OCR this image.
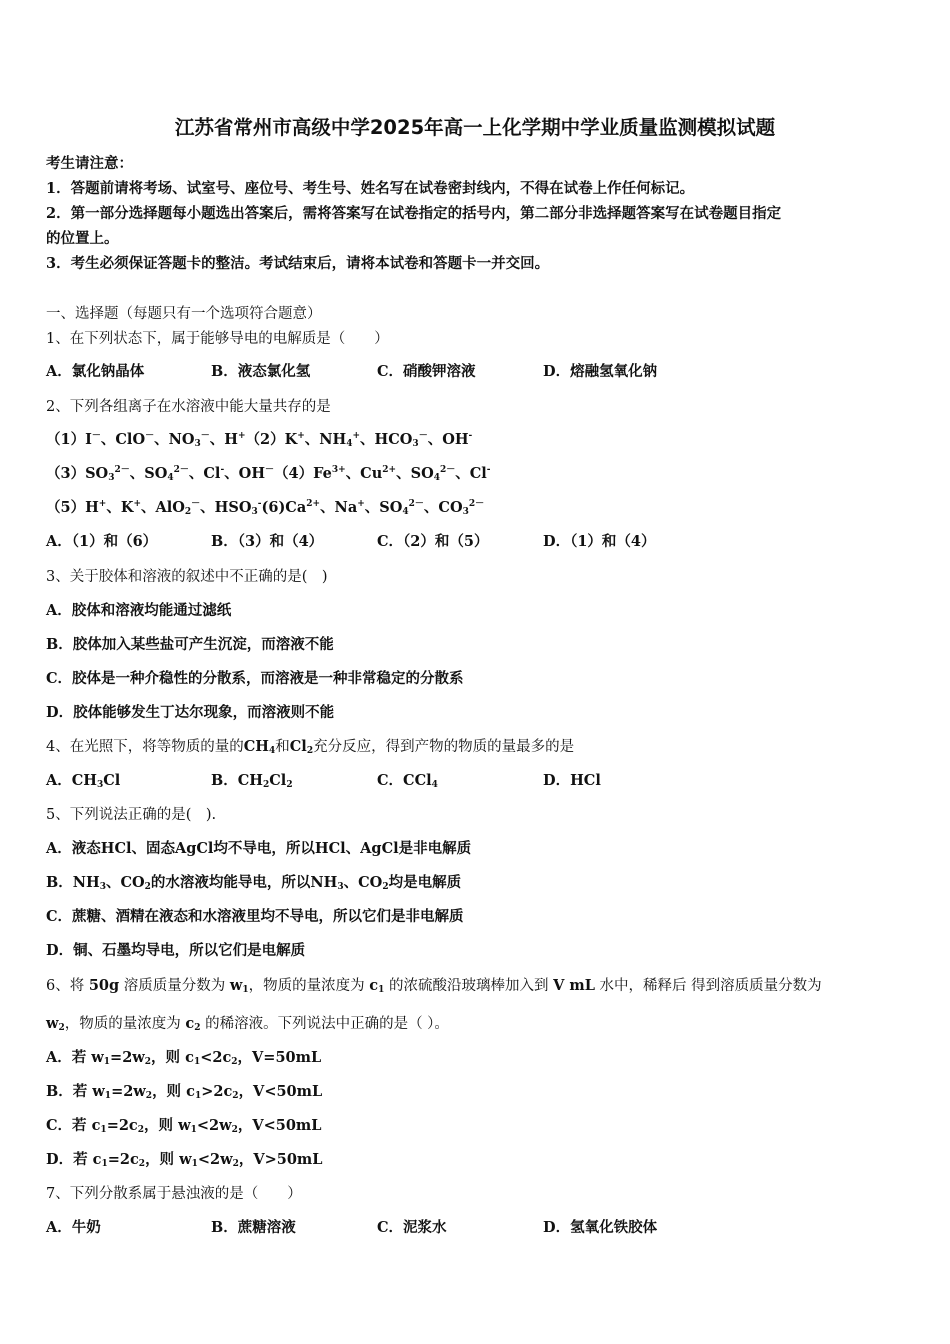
江苏省常州市高级中学2025年高一上化学期中学业质量监测模拟试题
考生请注意：
1．答题前请将考场、试室号、座位号、考生号、姓名写在试卷密封线内，不得在试卷上作任何标记。
2．第一部分选择题每小题选出答案后，需将答案写在试卷指定的括号内，第二部分非选择题答案写在试卷题目指定
的位置上。
3．考生必须保证答题卡的整洁。考试结束后，请将本试卷和答题卡一并交回。
一、选择题（每题只有一个选项符合题意）
1、在下列状态下，属于能够导电的电解质是（　　）
A．氯化钠晶体	B．液态氯化氢	C．硝酸钾溶液	D．熔融氢氧化钠
2、下列各组离子在水溶液中能大量共存的是
（1）I－、ClO－、$NO_3^-$、H+（2）K+、$NH_4^+$、$HCO_3^-$、OH-
$(3)SO_3^{2-}$、$SO_4^{2-}$、Cl-、$OH^-(4)Fe^{3+}$、$Cu^{2+}$、$SO_4^{2-}$、Cl-
（5）H+、K+、AlO$_2$－、$HSO_3^-(6)Ca^{2+}$、Na+、$SO_4^{2-}$、$CO_3^{2-}$
A．（1）和（6）	B．（3）和（4）	C．（2）和（5）	D．（1）和（4）
3、关于胶体和溶液的叙述中不正确的是(　)
A．胶体和溶液均能通过滤纸
B．胶体加入某些盐可产生沉淀，而溶液不能
C．胶体是一种介稳性的分散系，而溶液是一种非常稳定的分散系
D．胶体能够发生丁达尔现象，而溶液则不能
4、在光照下，将等物质的量的$CH_4$和$Cl_2$充分反应，得到产物的物质的量最多的是
A．$CH_3Cl$	B．$CH_2Cl_2$	C．CCl$_4$	D．HCl
5、下列说法正确的是(　).
A．液态HCl、固态AgCl均不导电，所以HCl、AgCl是非电解质
B．$NH_3$、$CO_2$的水溶液均能导电，所以$NH_3$、$CO_2$均是电解质
C．蔗糖、酒精在液态和水溶液里均不导电，所以它们是非电解质
D．铜、石墨均导电，所以它们是电解质
6、将 50g 溶质质量分数为 $w_1$，物质的量浓度为 $c_1$ 的浓硫酸沿玻璃棒加入到 V mL 水中，稀释后 得到溶质质量分数为
$w_2$，物质的量浓度为 $c_2$ 的稀溶液。下列说法中正确的是（ ）。
A．若 $w_1=2w_2$，则 $c_1<2c_2$，V=50mL
B．若 $w_1=2w_2$，则 $c_1>2c_2$，V<50mL
C．若 $c_1=2c_2$，则 $w_1<2w_2$，V<50mL
D．若 $c_1=2c_2$，则 $w_1<2w_2$，V>50mL
7、下列分散系属于悬浊液的是（　　）
A．牛奶	B．蔗糖溶液	C．泥浆水	D．氢氧化铁胶体
